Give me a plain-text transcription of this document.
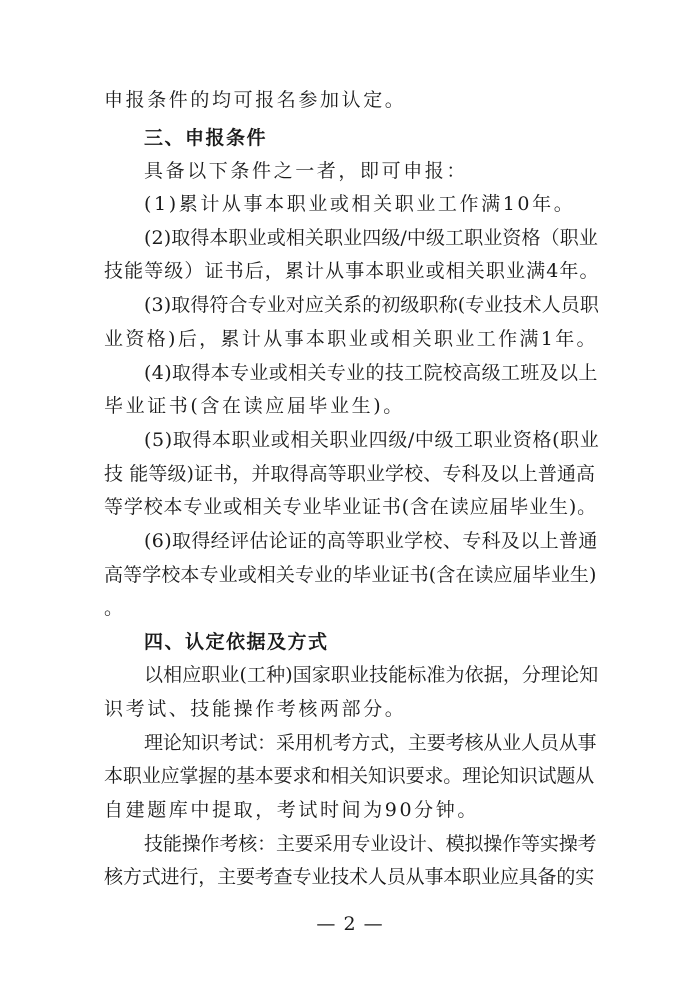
申报条件的均可报名参加认定。
三、申报条件
具备以下条件之一者，即可申报：
(1)累计从事本职业或相关职业工作满10年。
(2)取得本职业或相关职业四级/中级工职业资格（职业
技能等级）证书后，累计从事本职业或相关职业满4年。
(3)取得符合专业对应关系的初级职称(专业技术人员职
业资格)后，累计从事本职业或相关职业工作满1年。
(4)取得本专业或相关专业的技工院校高级工班及以上
毕业证书(含在读应届毕业生)。
(5)取得本职业或相关职业四级/中级工职业资格(职业
技 能等级)证书，并取得高等职业学校、专科及以上普通高
等学校本专业或相关专业毕业证书(含在读应届毕业生)。
(6)取得经评估论证的高等职业学校、专科及以上普通
高等学校本专业或相关专业的毕业证书(含在读应届毕业生)
。
四、认定依据及方式
以相应职业(工种)国家职业技能标准为依据，分理论知
识考试、技能操作考核两部分。
理论知识考试：采用机考方式，主要考核从业人员从事
本职业应掌握的基本要求和相关知识要求。理论知识试题从
自建题库中提取，考试时间为90分钟。
技能操作考核：主要采用专业设计、模拟操作等实操考
核方式进行，主要考查专业技术人员从事本职业应具备的实
— 2 —
